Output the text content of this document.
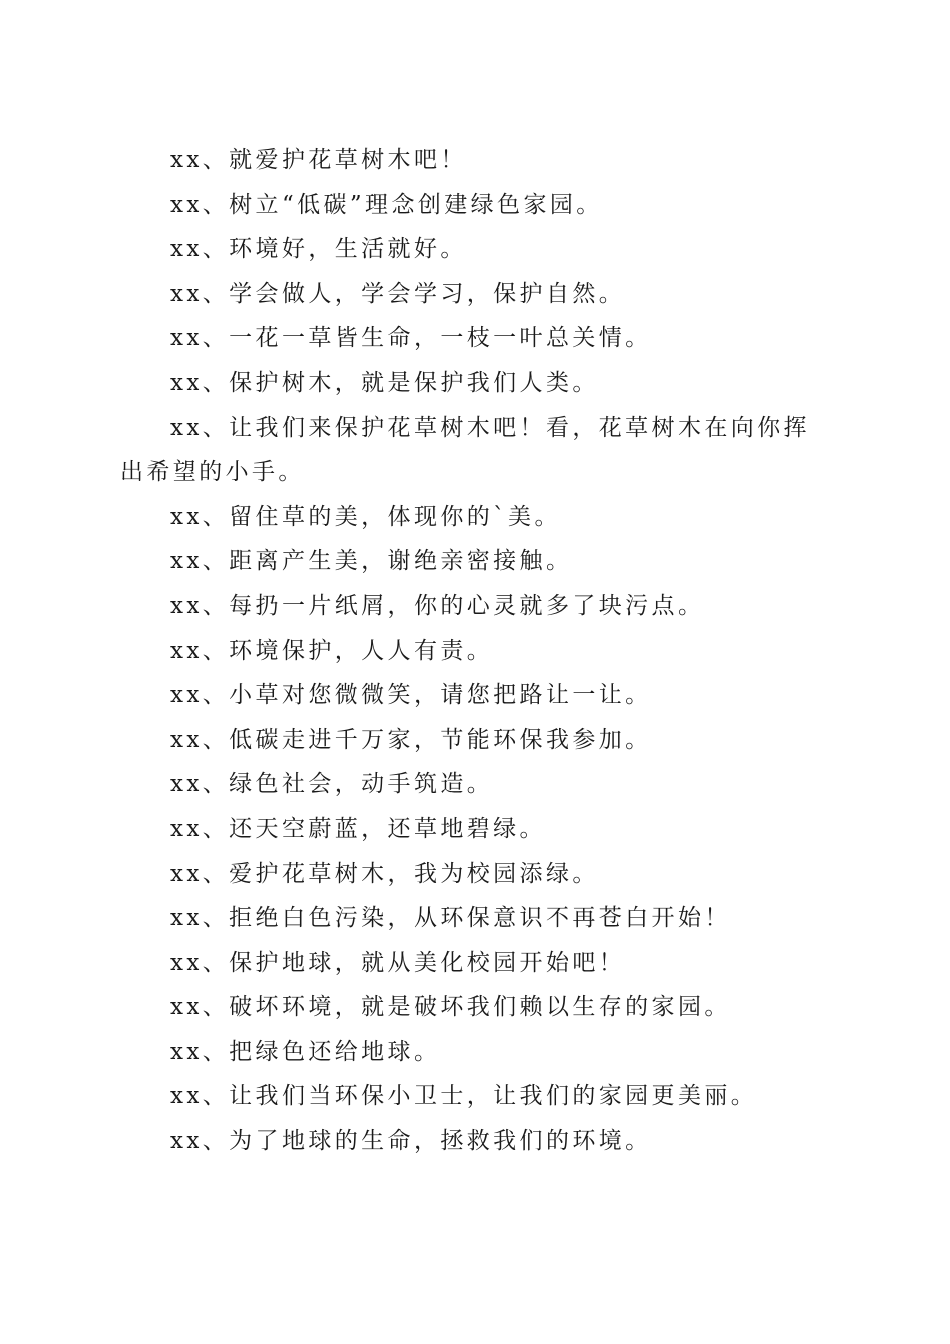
xx、就爱护花草树木吧！

xx、树立“低碳”理念创建绿色家园。

xx、环境好，生活就好。

xx、学会做人，学会学习，保护自然。

xx、一花一草皆生命，一枝一叶总关情。

xx、保护树木，就是保护我们人类。

xx、让我们来保护花草树木吧！看，花草树木在向你挥出希望的小手。

xx、留住草的美，体现你的`美。

xx、距离产生美，谢绝亲密接触。

xx、每扔一片纸屑，你的心灵就多了块污点。

xx、环境保护，人人有责。

xx、小草对您微微笑，请您把路让一让。

xx、低碳走进千万家，节能环保我参加。

xx、绿色社会，动手筑造。

xx、还天空蔚蓝，还草地碧绿。

xx、爱护花草树木，我为校园添绿。

xx、拒绝白色污染，从环保意识不再苍白开始！

xx、保护地球，就从美化校园开始吧！

xx、破坏环境，就是破坏我们赖以生存的家园。

xx、把绿色还给地球。

xx、让我们当环保小卫士，让我们的家园更美丽。

xx、为了地球的生命，拯救我们的环境。
